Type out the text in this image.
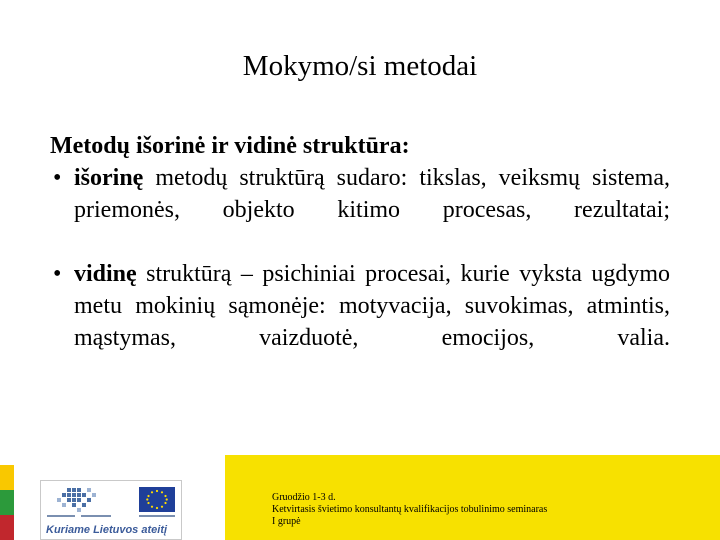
Mokymo/si metodai
Metodų išorinė ir vidinė struktūra:
• išorinę metodų struktūrą sudaro: tikslas, veiksmų sistema, priemonės, objekto kitimo procesas, rezultatai;
• vidinę struktūrą – psichiniai procesai, kurie vyksta ugdymo metu mokinių sąmonėje: motyvacija, suvokimas, atmintis, mąstymas, vaizduotė, emocijos, valia.
Kuriame Lietuvos ateitį
Gruodžio 1-3 d.
Ketvirtasis švietimo konsultantų kvalifikacijos tobulinimo seminaras
I grupė
